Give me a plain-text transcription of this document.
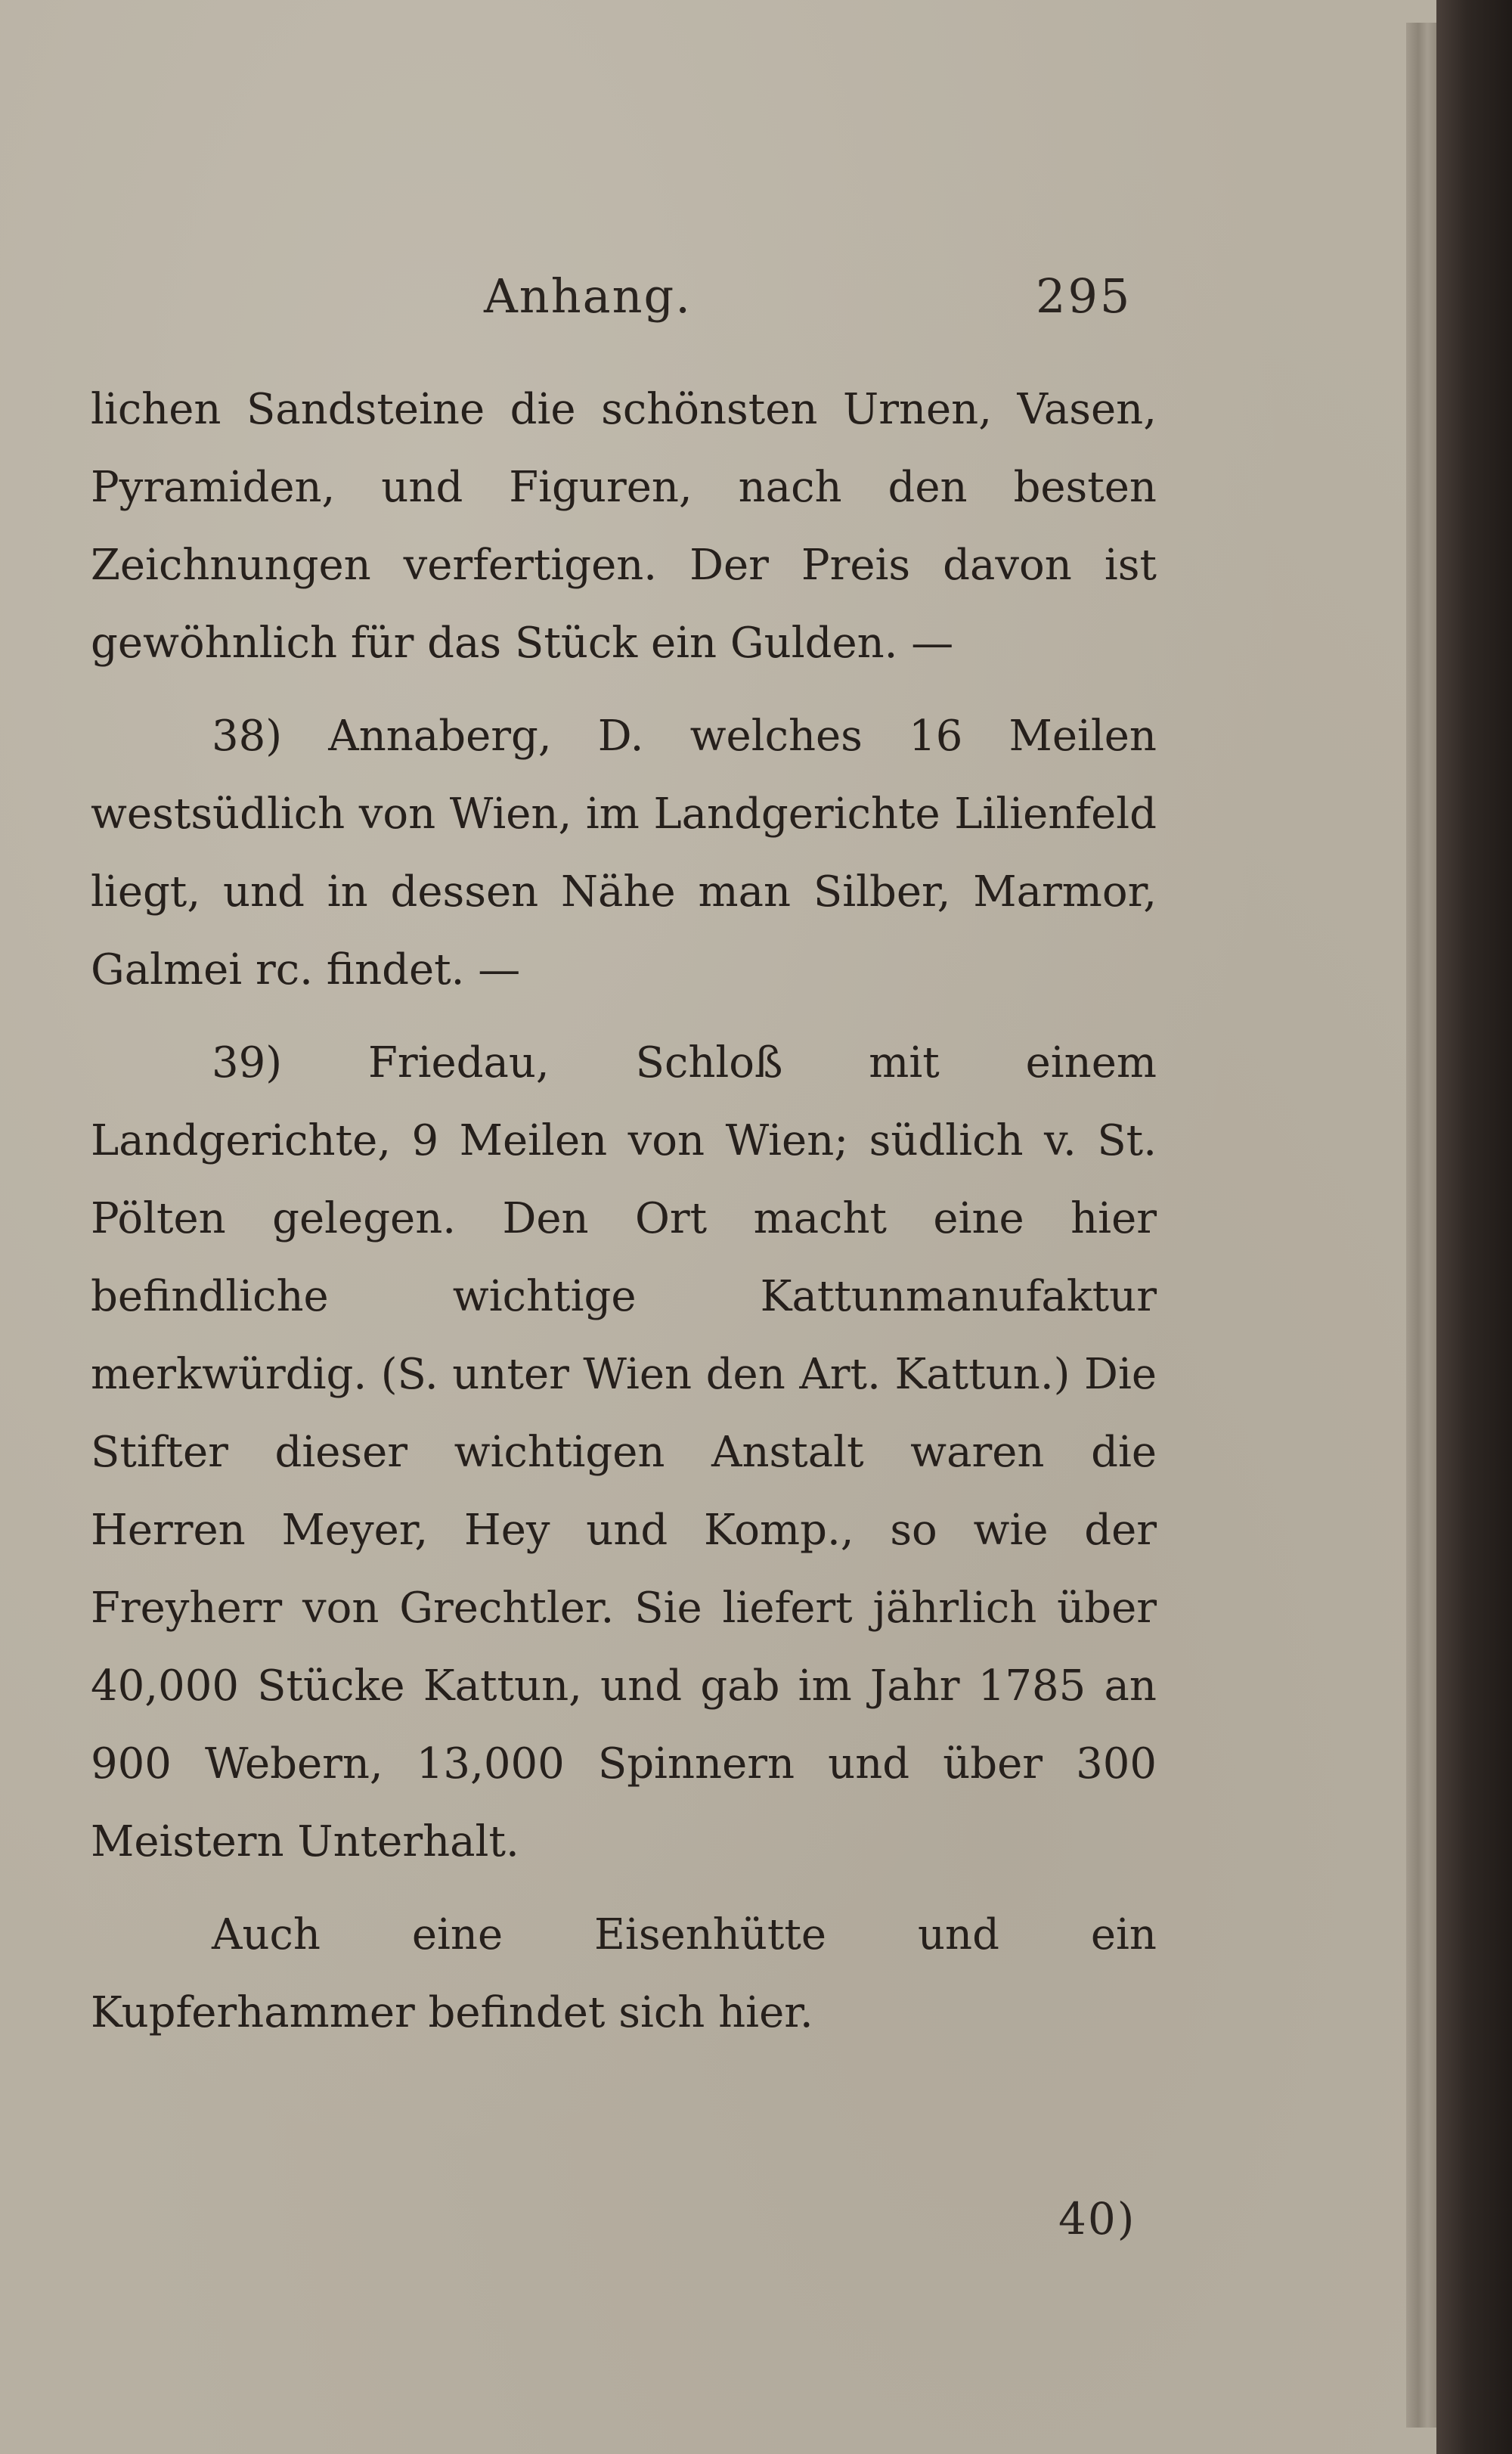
Anhang.	295

lichen Sandsteine die schönsten Urnen, Vasen, Pyramiden, und Figuren, nach den besten Zeichnungen verfertigen. Der Preis davon ist gewöhnlich für das Stück ein Gulden. —

38) Annaberg, D. welches 16 Meilen westsüdlich von Wien, im Landgerichte Lilienfeld liegt, und in dessen Nähe man Silber, Marmor, Galmei rc. findet. —

39) Friedau, Schloß mit einem Landgerichte, 9 Meilen von Wien; südlich v. St. Pölten gelegen. Den Ort macht eine hier befindliche wichtige Kattunmanufaktur merkwürdig. (S. unter Wien den Art. Kattun.) Die Stifter dieser wichtigen Anstalt waren die Herren Meyer, Hey und Komp., so wie der Freyherr von Grechtler. Sie liefert jährlich über 40,000 Stücke Kattun, und gab im Jahr 1785 an 900 Webern, 13,000 Spinnern und über 300 Meistern Unterhalt.

Auch eine Eisenhütte und ein Kupferhammer befindet sich hier.

40)
